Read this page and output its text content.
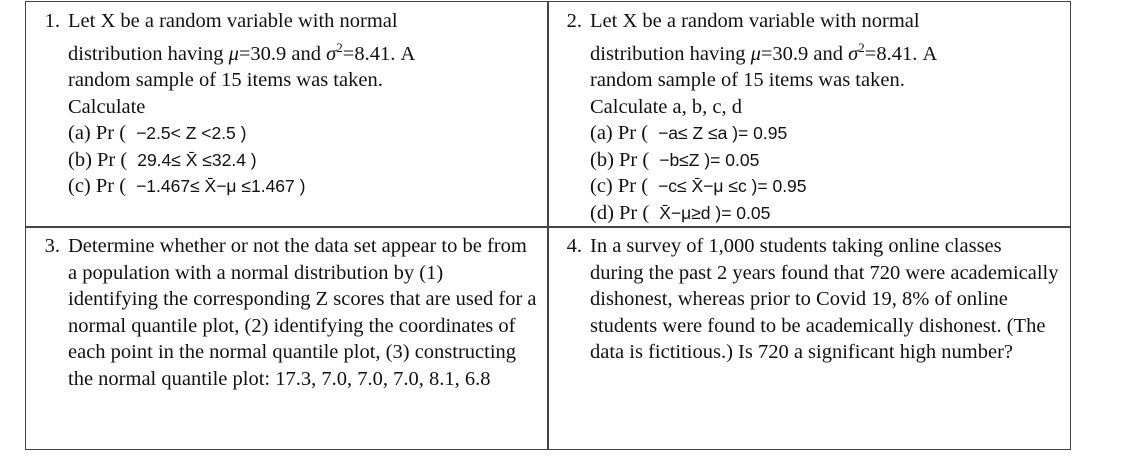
1. Let X be a random variable with normal
distribution having μ=30.9 and $\sigma^2=8.41$. A
random sample of 15 items was taken.
Calculate
(a) Pr ( −2.5< Z <2.5 )
(b) Pr ( 29.4≤ X̄ ≤32.4 )
(c) Pr ( −1.467≤ X̄−μ ≤1.467 )
2. Let X be a random variable with normal
distribution having μ=30.9 and $\sigma^2=8.41$. A
random sample of 15 items was taken.
Calculate a, b, c, d
(a) Pr ( −a≤ Z ≤a )= 0.95
(b) Pr ( −b≤Z )= 0.05
(c) Pr ( −c≤ X̄−μ ≤c )= 0.95
(d) Pr ( X̄−μ≥d )= 0.05
3. Determine whether or not the data set appear to be from a population with a normal distribution by (1) identifying the corresponding Z scores that are used for a normal quantile plot, (2) identifying the coordinates of each point in the normal quantile plot, (3) constructing the normal quantile plot: 17.3, 7.0, 7.0, 7.0, 8.1, 6.8
4. In a survey of 1,000 students taking online classes during the past 2 years found that 720 were academically dishonest, whereas prior to Covid 19, 8% of online students were found to be academically dishonest. (The data is fictitious.) Is 720 a significant high number?
